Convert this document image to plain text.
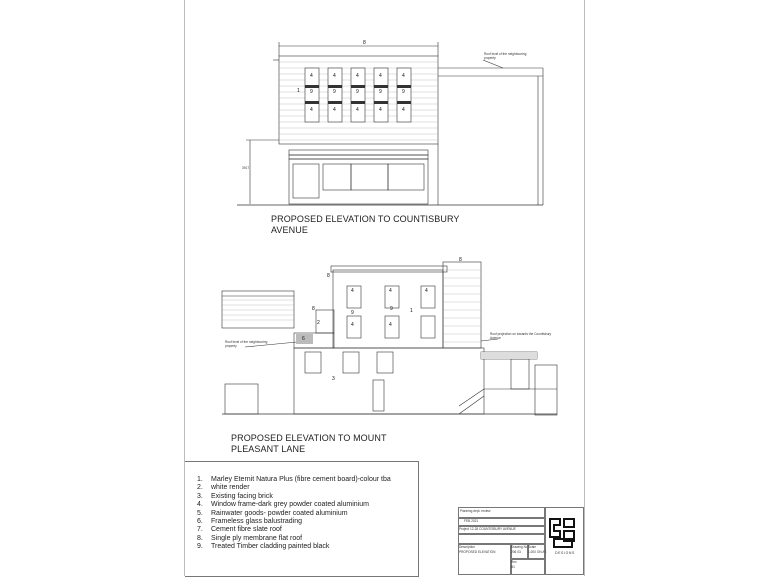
8
1
4	4	4	4	4
9	9	9	9	9
4	4	4	4	4
3917
Roof level of the neighbouring property
PROPOSED ELEVATION TO COUNTISBURY
AVENUE
8
8
8
2
6
3
4	4	4
9
9	1
4	4
Roof level of the neighbouring property
Roof projection on towards the Countisbury Avenue
PROPOSED ELEVATION TO MOUNT
PLEASANT LANE
1. Marley Eternit Natura Plus (fibre cement board)-colour tba
2. white render
3. Existing facing brick
4. Window frame-dark grey powder coated aluminium
5. Rainwater goods- powder coated aluminium
6. Frameless glass balustrading
7. Cement fibre slate roof
8. Single ply membrane flat roof
9. Treated Timber cladding painted black
Planning dept. review
FEB 2021
Project 12-28 COUNTISBURY AVENUE
Description
PROPOSED ELEVATION
Drawing No
206 03
Scale
1:200 ON A3
Rev
B1
DESIGNS
